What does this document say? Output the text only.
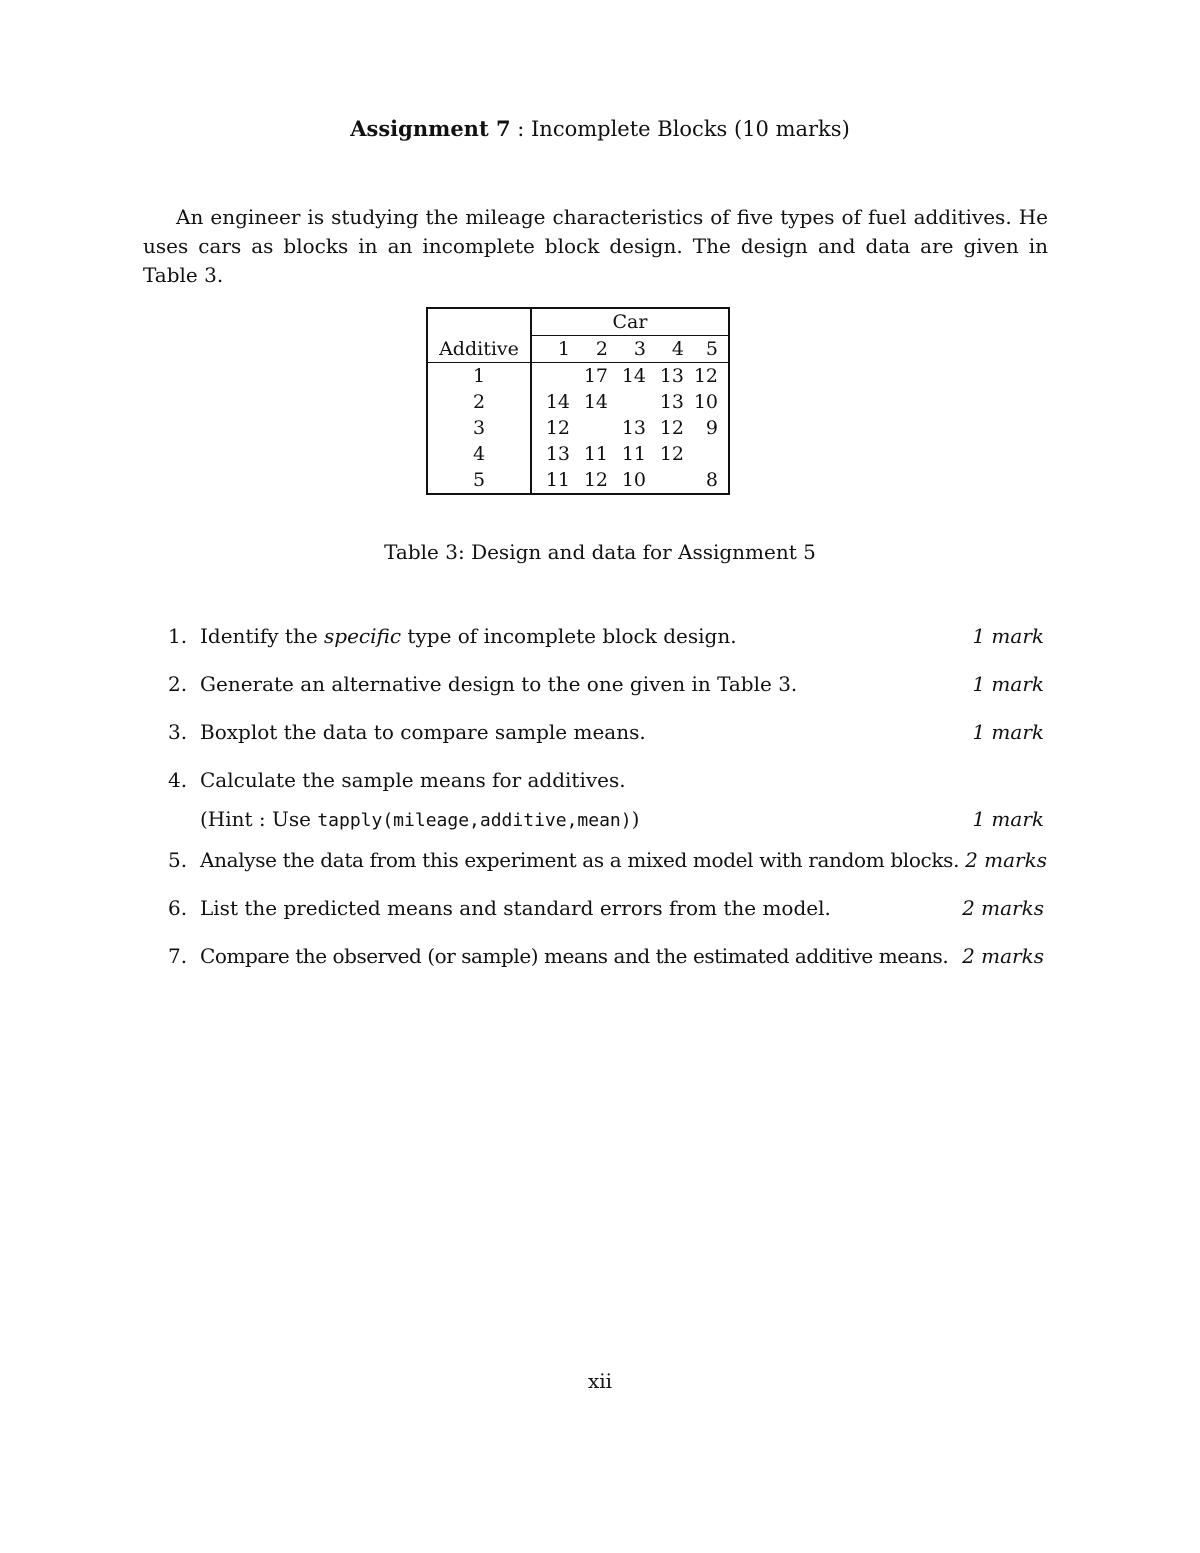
Assignment 7 : Incomplete Blocks (10 marks)

An engineer is studying the mileage characteristics of five types of fuel additives. He uses cars as blocks in an incomplete block design. The design and data are given in Table 3.

	Car				
Additive	1	2	3	4	5
1		17	14	13	12
2	14	14		13	10
3	12		13	12	9
4	13	11	11	12	
5	11	12	10		8
Table 3: Design and data for Assignment 5
1. Identify the specific type of incomplete block design.	1 mark
2. Generate an alternative design to the one given in Table 3.	1 mark
3. Boxplot the data to compare sample means.	1 mark
4. Calculate the sample means for additives.
(Hint : Use tapply(mileage,additive,mean))	1 mark
5. Analyse the data from this experiment as a mixed model with random blocks. 2 marks
6. List the predicted means and standard errors from the model.	2 marks
7. Compare the observed (or sample) means and the estimated additive means. 2 marks
xii
